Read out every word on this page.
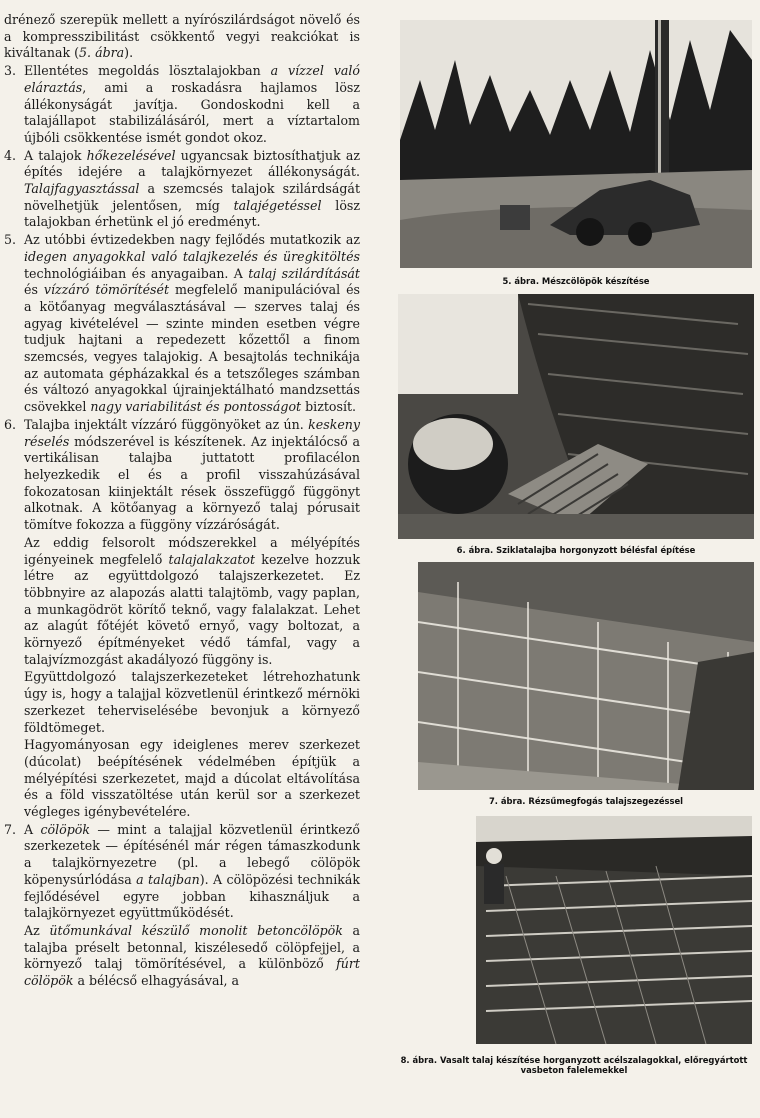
drénező szerepük mellett a nyírószilárdságot növelő és a kompresszibilitást csökkentő vegyi reakciókat is kiváltanak (5. ábra).

3. Ellentétes megoldás lösztalajokban a vízzel való eláraztás, ami a roskadásra hajlamos lösz állékonyságát javítja. Gondoskodni kell a talajállapot stabilizálásáról, mert a víztartalom újbóli csökkentése ismét gondot okoz.

4. A talajok hőkezelésével ugyancsak biztosíthatjuk az építés idejére a talajkörnyezet állékonyságát. Talajfagyasztással a szemcsés talajok szilárdságát növelhetjük jelentősen, míg talajégetéssel lösz talajokban érhetünk el jó eredményt.

5. Az utóbbi évtizedekben nagy fejlődés mutatkozik az idegen anyagokkal való talajkezelés és üregkitöltés technológiáiban és anyagaiban. A talaj szilárdítását és vízzáró tömörítését megfelelő manipulációval és a kötőanyag megválasztásával — szerves talaj és agyag kivételével — szinte minden esetben végre tudjuk hajtani a repedezett kőzettől a finom szemcsés, vegyes talajokig. A besajtolás technikája az automata gépházakkal és a tetszőleges számban és változó anyagokkal újrainjektálható mandzsettás csövekkel nagy variabilitást és pontosságot biztosít.

6. Talajba injektált vízzáró függönyöket az ún. keskeny réselés módszerével is készítenek. Az injektálócső a vertikálisan talajba juttatott profilacélon helyezkedik el és a profil visszahúzásával fokozatosan kiinjektált rések összefüggő függönyt alkotnak. A kötőanyag a környező talaj pórusait tömítve fokozza a függöny vízzáróságát.

Az eddig felsorolt módszerekkel a mélyépítés igényeinek megfelelő talajalakzatot kezelve hozzuk létre az együttdolgozó talajszerkezetet. Ez többnyire az alapozás alatti talajtömb, vagy paplan, a munkagödröt körítő teknő, vagy falalakzat. Lehet az alagút főtéjét követő ernyő, vagy boltozat, a környező építményeket védő támfal, vagy a talajvízmozgást akadályozó függöny is.

Együttdolgozó talajszerkezeteket létrehozhatunk úgy is, hogy a talajjal közvetlenül érintkező mérnöki szerkezet teherviselésébe bevonjuk a környező földtömeget.

Hagyományosan egy ideiglenes merev szerkezet (dúcolat) beépítésének védelmében építjük a mélyépítési szerkezetet, majd a dúcolat eltávolítása és a föld visszatöltése után kerül sor a szerkezet végleges igénybevételére.

7. A cölöpök — mint a talajjal közvetlenül érintkező szerkezetek — építésénél már régen támaszkodunk a talajkörnyezetre (pl. a lebegő cölöpök köpenysúrlódása a talajban). A cölöpözési technikák fejlődésével egyre jobban kihasználjuk a talajkörnyezet együttműködését.

Az ütőmunkával készülő monolit betoncölöpök a talajba préselt betonnal, kiszélesedő cölöpfejjel, a környező talaj tömörítésével, a különböző fúrt cölöpök a bélécső elhagyásával, a

5. ábra. Mészcölöpök készítése
6. ábra. Sziklatalajba horgonyzott bélésfal építése
7. ábra. Rézsűmegfogás talajszegezéssel
8. ábra. Vasalt talaj készítése horganyzott acélszalagokkal, előregyártott vasbeton falelemekkel
